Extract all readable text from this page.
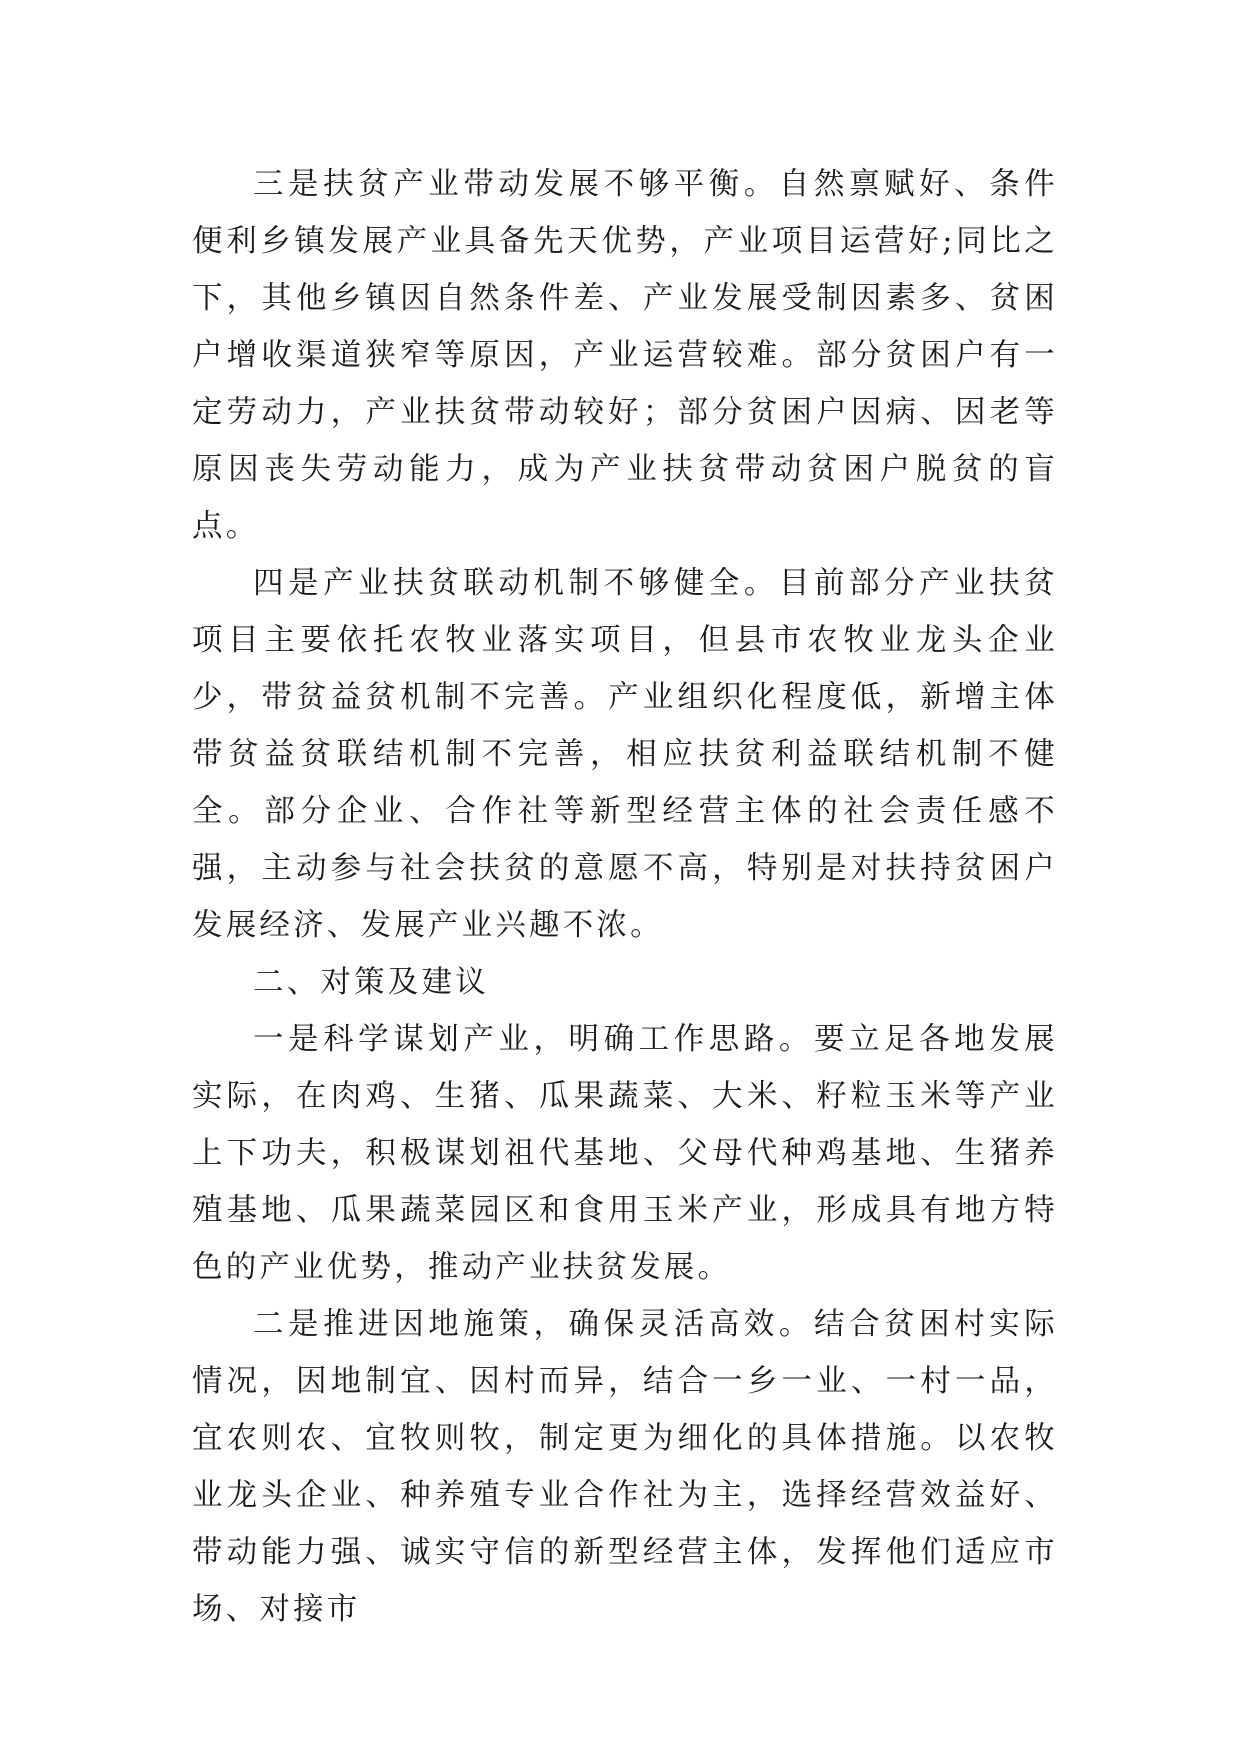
三是扶贫产业带动发展不够平衡。自然禀赋好、条件便利乡镇发展产业具备先天优势，产业项目运营好;同比之下，其他乡镇因自然条件差、产业发展受制因素多、贫困户增收渠道狭窄等原因，产业运营较难。部分贫困户有一定劳动力，产业扶贫带动较好；部分贫困户因病、因老等原因丧失劳动能力，成为产业扶贫带动贫困户脱贫的盲点。

四是产业扶贫联动机制不够健全。目前部分产业扶贫项目主要依托农牧业落实项目，但县市农牧业龙头企业少，带贫益贫机制不完善。产业组织化程度低，新增主体带贫益贫联结机制不完善，相应扶贫利益联结机制不健全。部分企业、合作社等新型经营主体的社会责任感不强，主动参与社会扶贫的意愿不高，特别是对扶持贫困户发展经济、发展产业兴趣不浓。

二、对策及建议

一是科学谋划产业，明确工作思路。要立足各地发展实际，在肉鸡、生猪、瓜果蔬菜、大米、籽粒玉米等产业上下功夫，积极谋划祖代基地、父母代种鸡基地、生猪养殖基地、瓜果蔬菜园区和食用玉米产业，形成具有地方特色的产业优势，推动产业扶贫发展。

二是推进因地施策，确保灵活高效。结合贫困村实际情况，因地制宜、因村而异，结合一乡一业、一村一品，宜农则农、宜牧则牧，制定更为细化的具体措施。以农牧业龙头企业、种养殖专业合作社为主，选择经营效益好、带动能力强、诚实守信的新型经营主体，发挥他们适应市场、对接市
